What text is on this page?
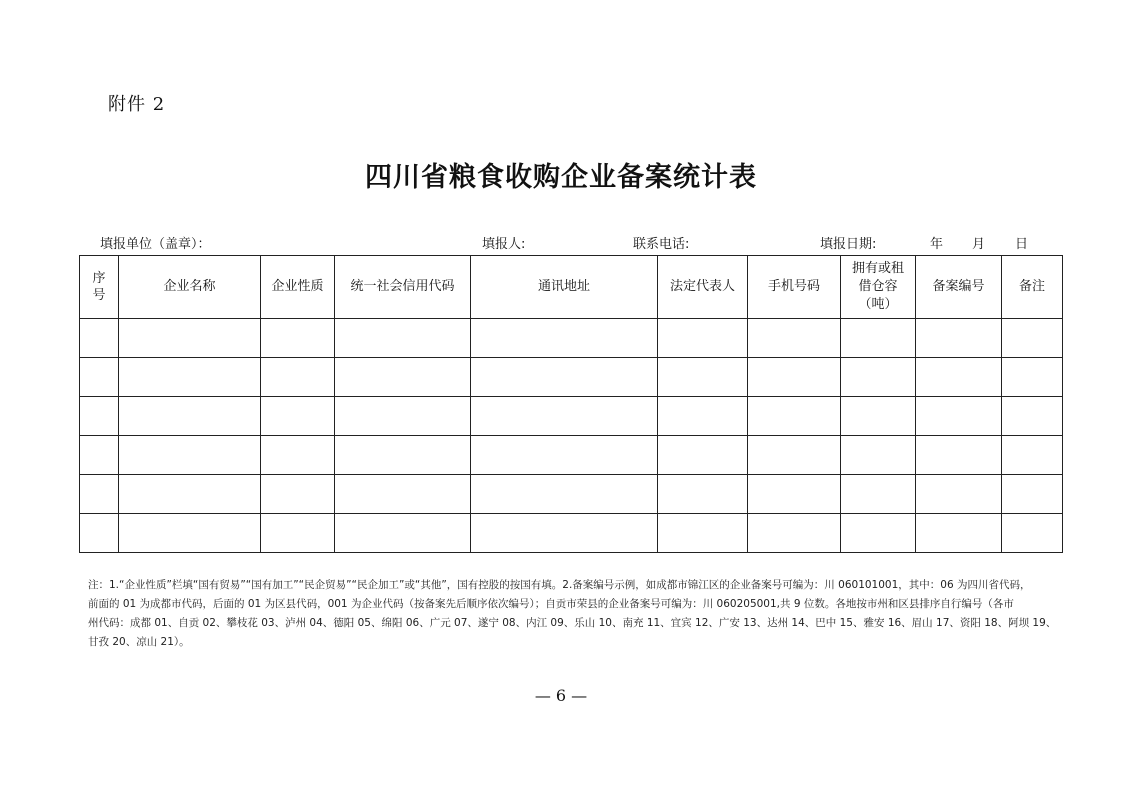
附件 2
四川省粮食收购企业备案统计表
填报单位（盖章）：	填报人:	联系电话:	填报日期:	年 月 日
序号	企业名称	企业性质	统一社会信用代码	通讯地址	法定代表人	手机号码	拥有或租借仓容（吨）	备案编号	备注

注：1.“企业性质”栏填“国有贸易”“国有加工”“民企贸易”“民企加工”或“其他”，国有控股的按国有填。2.备案编号示例，如成都市锦江区的企业备案号可编为：川 060101001，其中：06 为四川省代码，

前面的 01 为成都市代码，后面的 01 为区县代码，001 为企业代码（按备案先后顺序依次编号）；自贡市荣县的企业备案号可编为：川 060205001,共 9 位数。各地按市州和区县排序自行编号（各市

州代码：成都 01、自贡 02、攀枝花 03、泸州 04、德阳 05、绵阳 06、广元 07、遂宁 08、内江 09、乐山 10、南充 11、宜宾 12、广安 13、达州 14、巴中 15、雅安 16、眉山 17、资阳 18、阿坝 19、

甘孜 20、凉山 21）。

— 6 —
